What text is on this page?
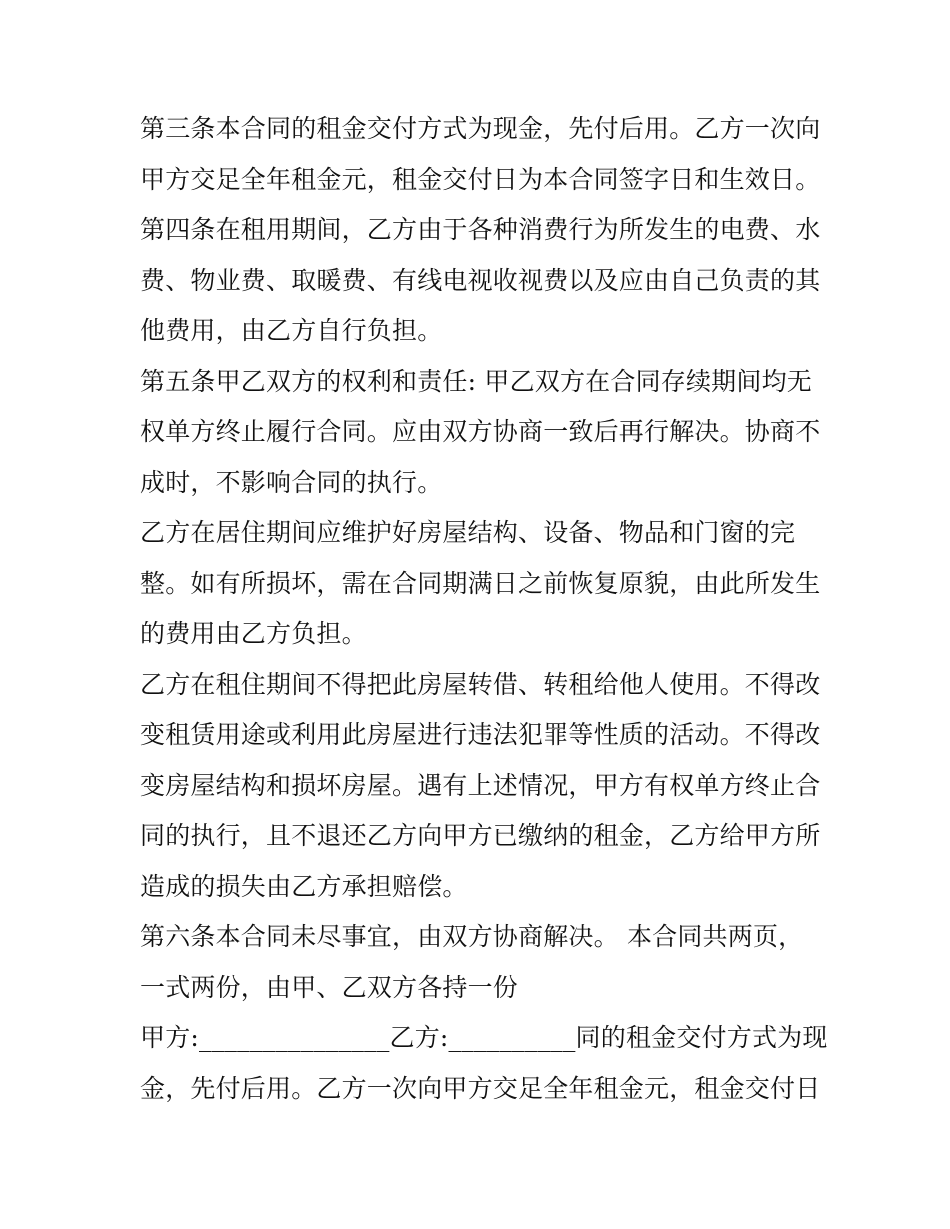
第三条本合同的租金交付方式为现金，先付后用。乙方一次向
甲方交足全年租金元，租金交付日为本合同签字日和生效日。
第四条在租用期间，乙方由于各种消费行为所发生的电费、水
费、物业费、取暖费、有线电视收视费以及应由自己负责的其
他费用，由乙方自行负担。
第五条甲乙双方的权利和责任: 甲乙双方在合同存续期间均无
权单方终止履行合同。应由双方协商一致后再行解决。协商不
成时，不影响合同的执行。
乙方在居住期间应维护好房屋结构、设备、物品和门窗的完
整。如有所损坏，需在合同期满日之前恢复原貌，由此所发生
的费用由乙方负担。
乙方在租住期间不得把此房屋转借、转租给他人使用。不得改
变租赁用途或利用此房屋进行违法犯罪等性质的活动。不得改
变房屋结构和损坏房屋。遇有上述情况，甲方有权单方终止合
同的执行，且不退还乙方向甲方已缴纳的租金，乙方给甲方所
造成的损失由乙方承担赔偿。
第六条本合同未尽事宜，由双方协商解决。 本合同共两页，
一式两份，由甲、乙双方各持一份
甲方:_______________乙方:__________同的租金交付方式为现
金，先付后用。乙方一次向甲方交足全年租金元，租金交付日
